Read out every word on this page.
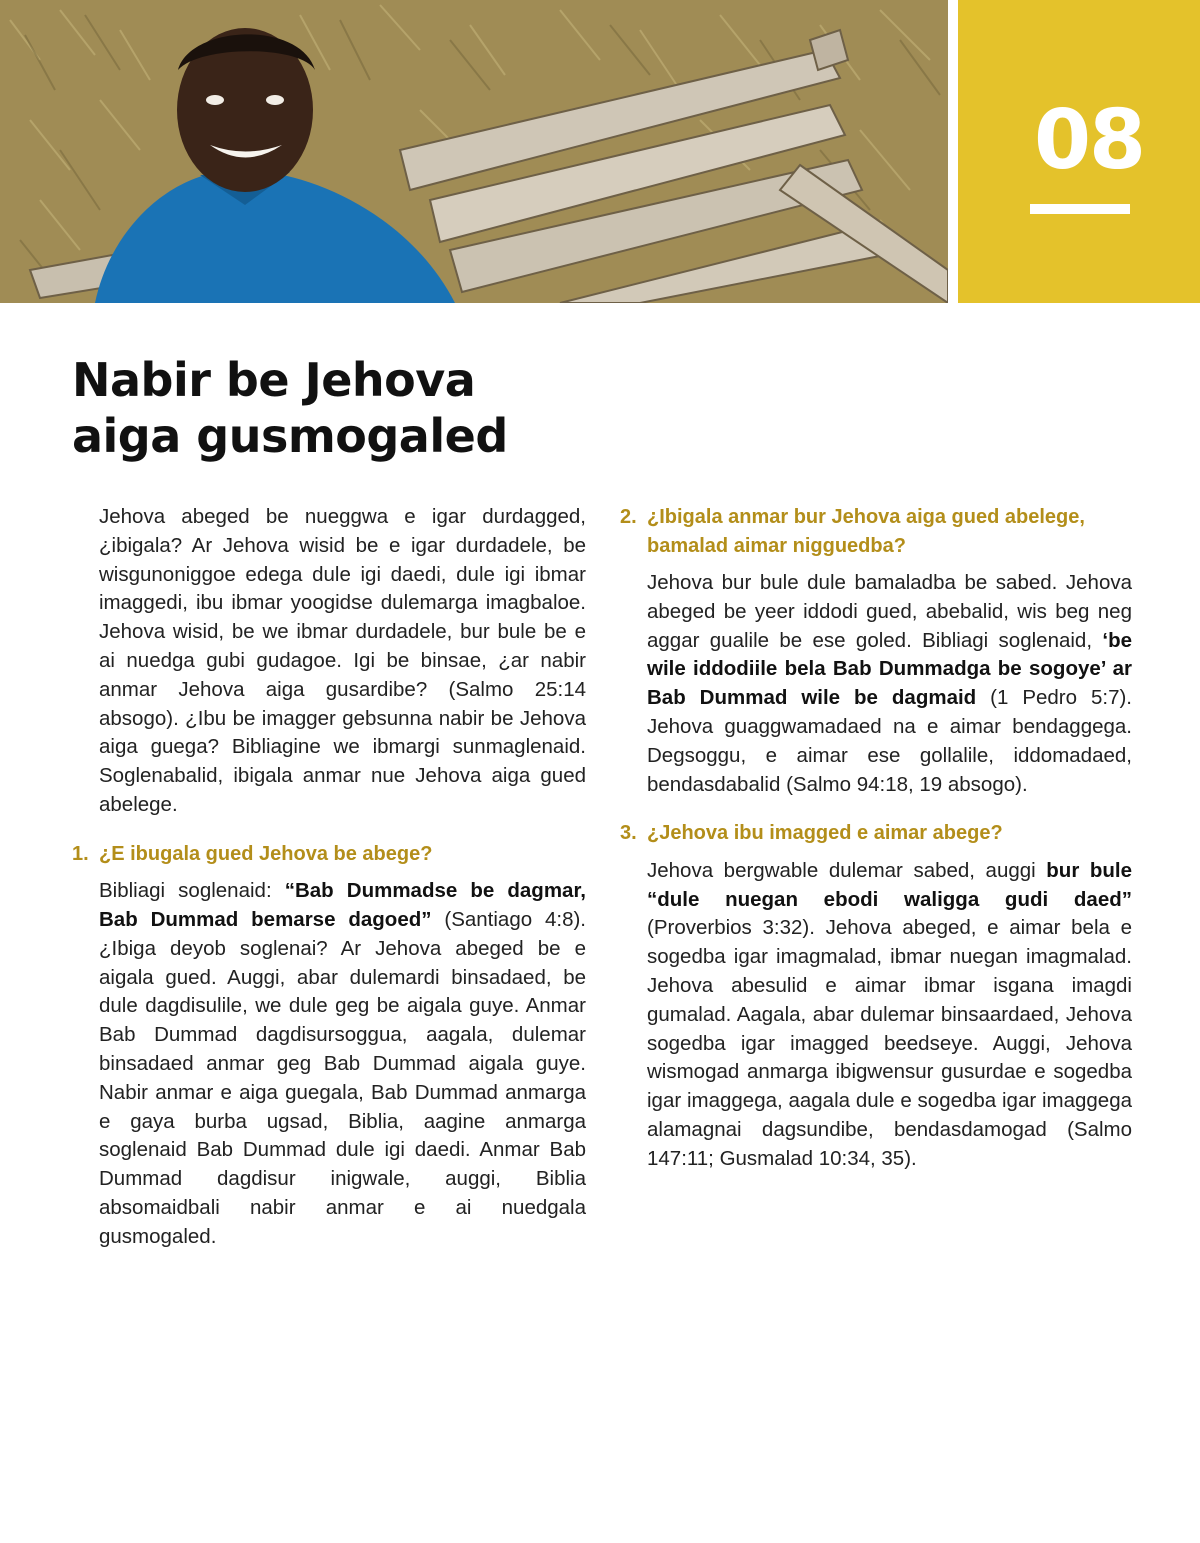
08
Nabir be Jehova
aiga gusmogaled

Jehova abeged be nueggwa e igar durdagged, ¿ibigala? Ar Jehova wisid be e igar durdadele, be wisgunoniggoe edega dule igi daedi, dule igi ibmar imaggedi, ibu ibmar yoogidse dulemarga imagbaloe. Jehova wisid, be we ibmar durdadele, bur bule be e ai nuedga gubi gudagoe. Igi be binsae, ¿ar nabir anmar Jehova aiga gusardibe? (Salmo 25:14 absogo). ¿Ibu be imagger gebsunna nabir be Jehova aiga guega? Bibliagine we ibmargi sunmaglenaid. Soglenabalid, ibigala anmar nue Jehova aiga gued abelege.

1. ¿E ibugala gued Jehova be abege?

Bibliagi soglenaid: “Bab Dummadse be dagmar, Bab Dummad bemarse dagoed” (Santiago 4:8). ¿Ibiga deyob soglenai? Ar Jehova abeged be e aigala gued. Auggi, abar dulemardi binsadaed, be dule dagdisulile, we dule geg be aigala guye. Anmar Bab Dummad dagdisursoggua, aagala, dulemar binsadaed anmar geg Bab Dummad aigala guye. Nabir anmar e aiga guegala, Bab Dummad anmarga e gaya burba ugsad, Biblia, aagine anmarga soglenaid Bab Dummad dule igi daedi. Anmar Bab Dummad dagdisur inigwale, auggi, Biblia absomaidbali nabir anmar e ai nuedgala gusmogaled.

2. ¿Ibigala anmar bur Jehova aiga gued abelege, bamalad aimar nigguedba?

Jehova bur bule dule bamaladba be sabed. Jehova abeged be yeer iddodi gued, abebalid, wis beg neg aggar gualile be ese goled. Bibliagi soglenaid, ‘be wile iddodiile bela Bab Dummadga be sogoye’ ar Bab Dummad wile be dagmaid (1 Pedro 5:7). Jehova guaggwamadaed na e aimar bendaggega. Degsoggu, e aimar ese gollalile, iddomadaed, bendasdabalid (Salmo 94:18, 19 absogo).

3. ¿Jehova ibu imagged e aimar abege?

Jehova bergwable dulemar sabed, auggi bur bule “dule nuegan ebodi waligga gudi daed” (Proverbios 3:32). Jehova abeged, e aimar bela e sogedba igar imagmalad, ibmar nuegan imagmalad. Jehova abesulid e aimar ibmar isgana imagdi gumalad. Aagala, abar dulemar binsaardaed, Jehova sogedba igar imagged beedseye. Auggi, Jehova wismogad anmarga ibigwensur gusurdae e sogedba igar imaggega, aagala dule e sogedba igar imaggega alamagnai dagsundibe, bendasdamogad (Salmo 147:11; Gusmalad 10:34, 35).
